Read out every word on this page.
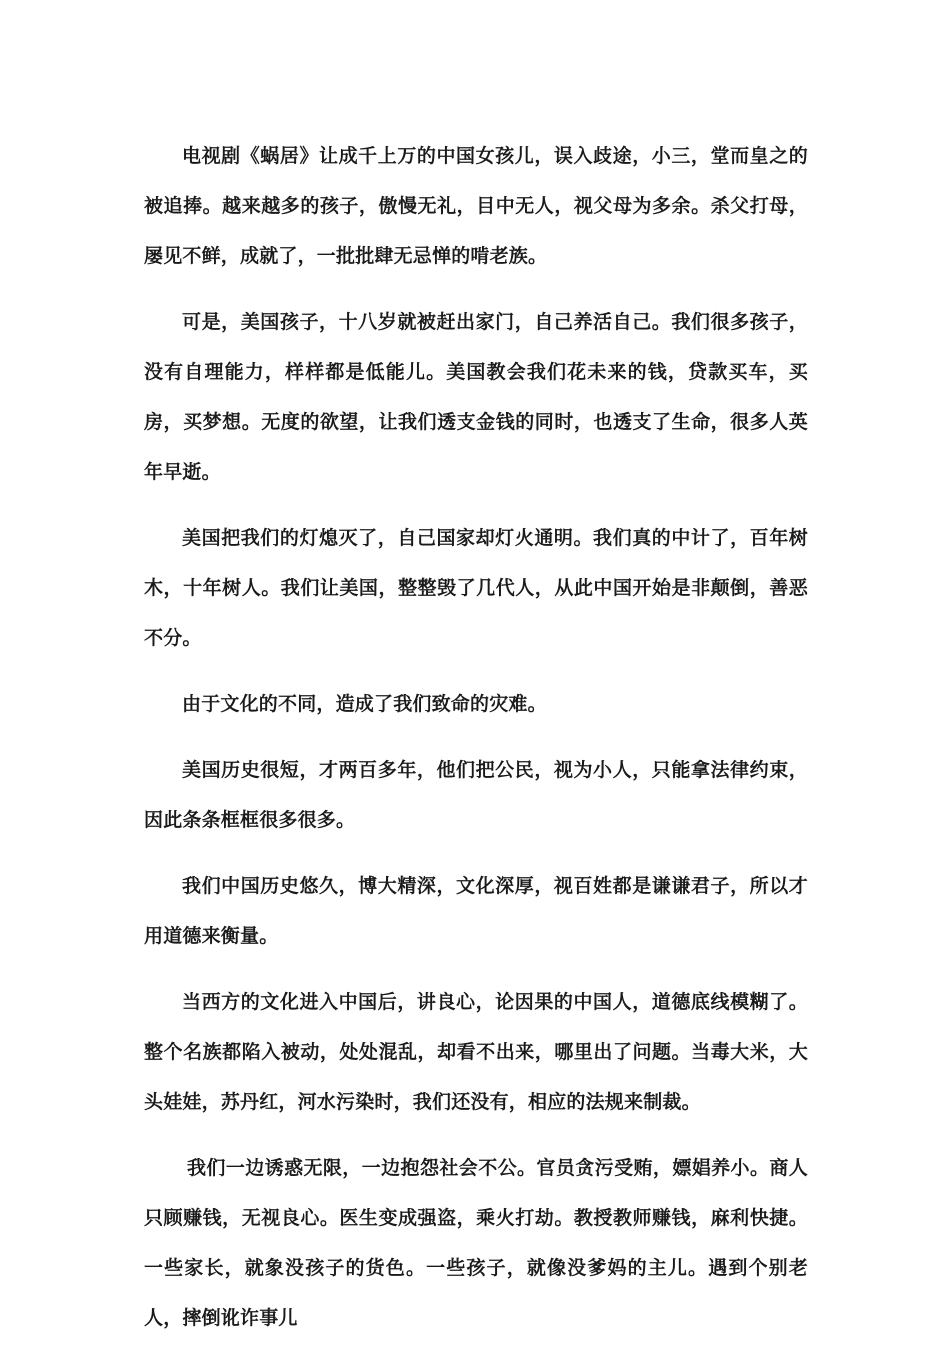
电视剧《蜗居》让成千上万的中国女孩儿，误入歧途，小三，堂而皇之的被追捧。越来越多的孩子，傲慢无礼，目中无人，视父母为多余。杀父打母，屡见不鲜，成就了，一批批肆无忌惮的啃老族。

可是，美国孩子，十八岁就被赶出家门，自己养活自己。我们很多孩子，没有自理能力，样样都是低能儿。美国教会我们花未来的钱，贷款买车，买房，买梦想。无度的欲望，让我们透支金钱的同时，也透支了生命，很多人英年早逝。

美国把我们的灯熄灭了，自己国家却灯火通明。我们真的中计了，百年树木，十年树人。我们让美国，整整毁了几代人，从此中国开始是非颠倒，善恶不分。

由于文化的不同，造成了我们致命的灾难。

美国历史很短，才两百多年，他们把公民，视为小人，只能拿法律约束，因此条条框框很多很多。

我们中国历史悠久，博大精深，文化深厚，视百姓都是谦谦君子，所以才用道德来衡量。

当西方的文化进入中国后，讲良心，论因果的中国人，道德底线模糊了。整个名族都陷入被动，处处混乱，却看不出来，哪里出了问题。当毒大米，大头娃娃，苏丹红，河水污染时，我们还没有，相应的法规来制裁。

我们一边诱惑无限，一边抱怨社会不公。官员贪污受贿，嫖娼养小。商人只顾赚钱，无视良心。医生变成强盗，乘火打劫。教授教师赚钱，麻利快捷。一些家长，就象没孩子的货色。一些孩子，就像没爹妈的主儿。遇到个别老人，摔倒讹诈事儿
